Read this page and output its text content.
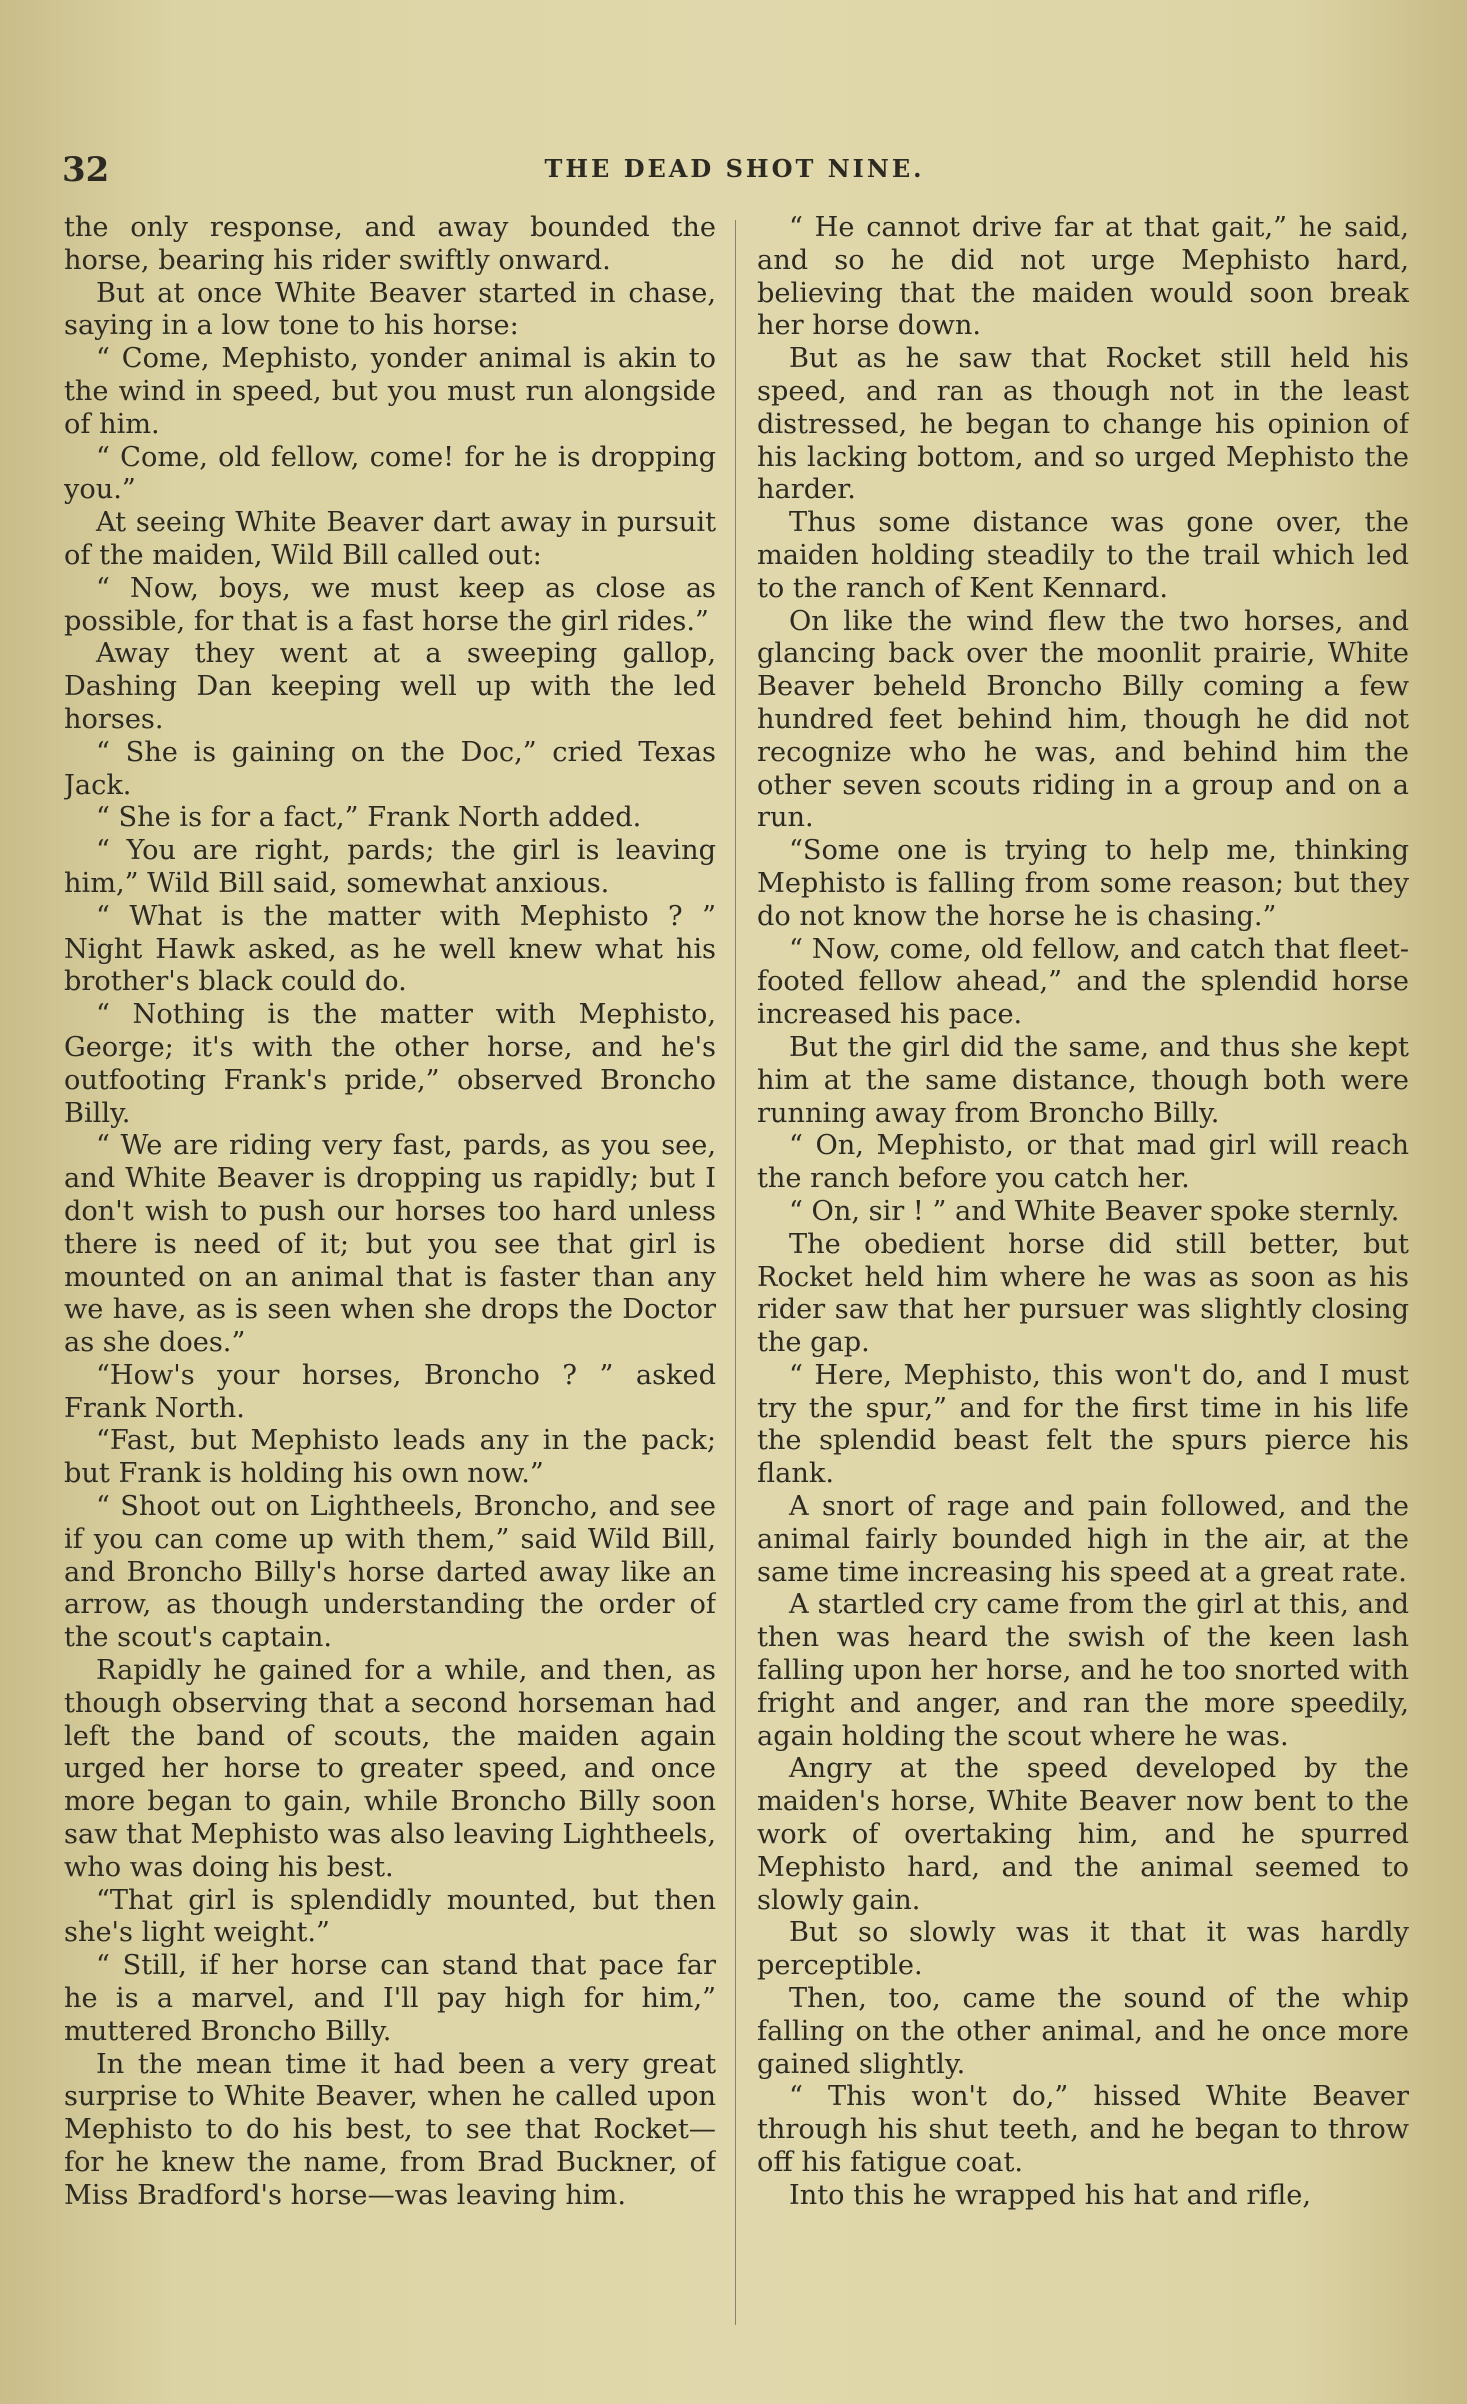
32	THE DEAD SHOT NINE.

the only response, and away bounded the horse, bearing his rider swiftly onward.

But at once White Beaver started in chase, saying in a low tone to his horse:

“ Come, Mephisto, yonder animal is akin to the wind in speed, but you must run alongside of him.

“ Come, old fellow, come! for he is dropping you.”

At seeing White Beaver dart away in pursuit of the maiden, Wild Bill called out:

“ Now, boys, we must keep as close as possible, for that is a fast horse the girl rides.”

Away they went at a sweeping gallop, Dashing Dan keeping well up with the led horses.

“ She is gaining on the Doc,” cried Texas Jack.

“ She is for a fact,” Frank North added.

“ You are right, pards; the girl is leaving him,” Wild Bill said, somewhat anxious.

“ What is the matter with Mephisto ? ” Night Hawk asked, as he well knew what his brother's black could do.

“ Nothing is the matter with Mephisto, George; it's with the other horse, and he's outfooting Frank's pride,” observed Broncho Billy.

“ We are riding very fast, pards, as you see, and White Beaver is dropping us rapidly; but I don't wish to push our horses too hard unless there is need of it; but you see that girl is mounted on an animal that is faster than any we have, as is seen when she drops the Doctor as she does.”

“How's your horses, Broncho ? ” asked Frank North.

“Fast, but Mephisto leads any in the pack; but Frank is holding his own now.”

“ Shoot out on Lightheels, Broncho, and see if you can come up with them,” said Wild Bill, and Broncho Billy's horse darted away like an arrow, as though understanding the order of the scout's captain.

Rapidly he gained for a while, and then, as though observing that a second horseman had left the band of scouts, the maiden again urged her horse to greater speed, and once more began to gain, while Broncho Billy soon saw that Mephisto was also leaving Lightheels, who was doing his best.

“That girl is splendidly mounted, but then she's light weight.”

“ Still, if her horse can stand that pace far he is a marvel, and I'll pay high for him,” muttered Broncho Billy.

In the mean time it had been a very great surprise to White Beaver, when he called upon Mephisto to do his best, to see that Rocket—for he knew the name, from Brad Buckner, of Miss Bradford's horse—was leaving him.

“ He cannot drive far at that gait,” he said, and so he did not urge Mephisto hard, believing that the maiden would soon break her horse down.

But as he saw that Rocket still held his speed, and ran as though not in the least distressed, he began to change his opinion of his lacking bottom, and so urged Mephisto the harder.

Thus some distance was gone over, the maiden holding steadily to the trail which led to the ranch of Kent Kennard.

On like the wind flew the two horses, and glancing back over the moonlit prairie, White Beaver beheld Broncho Billy coming a few hundred feet behind him, though he did not recognize who he was, and behind him the other seven scouts riding in a group and on a run.

“Some one is trying to help me, thinking Mephisto is falling from some reason; but they do not know the horse he is chasing.”

“ Now, come, old fellow, and catch that fleet-footed fellow ahead,” and the splendid horse increased his pace.

But the girl did the same, and thus she kept him at the same distance, though both were running away from Broncho Billy.

“ On, Mephisto, or that mad girl will reach the ranch before you catch her.

“ On, sir ! ” and White Beaver spoke sternly.

The obedient horse did still better, but Rocket held him where he was as soon as his rider saw that her pursuer was slightly closing the gap.

“ Here, Mephisto, this won't do, and I must try the spur,” and for the first time in his life the splendid beast felt the spurs pierce his flank.

A snort of rage and pain followed, and the animal fairly bounded high in the air, at the same time increasing his speed at a great rate.

A startled cry came from the girl at this, and then was heard the swish of the keen lash falling upon her horse, and he too snorted with fright and anger, and ran the more speedily, again holding the scout where he was.

Angry at the speed developed by the maiden's horse, White Beaver now bent to the work of overtaking him, and he spurred Mephisto hard, and the animal seemed to slowly gain.

But so slowly was it that it was hardly perceptible.

Then, too, came the sound of the whip falling on the other animal, and he once more gained slightly.

“ This won't do,” hissed White Beaver through his shut teeth, and he began to throw off his fatigue coat.

Into this he wrapped his hat and rifle,
